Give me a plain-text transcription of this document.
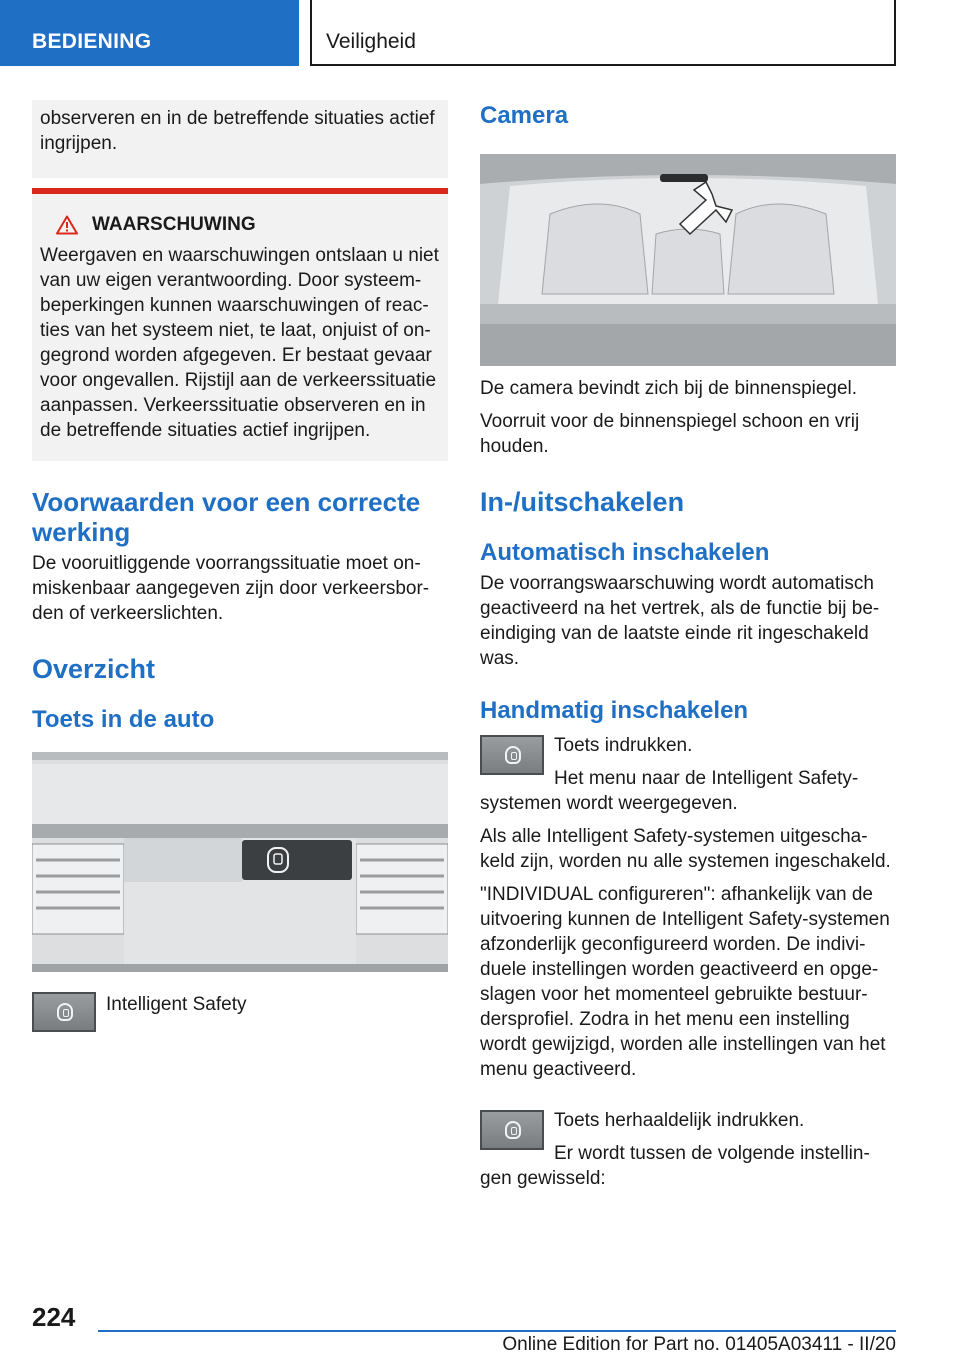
BEDIENING	Veiligheid

observeren en in de betreffende situaties actief ingrijpen.

WAARSCHUWING

Weergaven en waarschuwingen ontslaan u niet van uw eigen verantwoording. Door systeem-beperkingen kunnen waarschuwingen of reac-ties van het systeem niet, te laat, onjuist of on-gegrond worden afgegeven. Er bestaat gevaar voor ongevallen. Rijstijl aan de verkeerssituatie aanpassen. Verkeerssituatie observeren en in de betreffende situaties actief ingrijpen.

Voorwaarden voor een correcte werking

De vooruitliggende voorrangssituatie moet on-miskenbaar aangegeven zijn door verkeersbor-den of verkeerslichten.

Overzicht
Toets in de auto

Intelligent Safety

Camera

De camera bevindt zich bij de binnenspiegel.

Voorruit voor de binnenspiegel schoon en vrij houden.

In-/uitschakelen
Automatisch inschakelen

De voorrangswaarschuwing wordt automatisch geactiveerd na het vertrek, als de functie bij be-eindiging van de laatste einde rit ingeschakeld was.

Handmatig inschakelen

Toets indrukken.

Het menu naar de Intelligent Safety-systemen wordt weergegeven.

Als alle Intelligent Safety-systemen uitgescha-keld zijn, worden nu alle systemen ingeschakeld.

"INDIVIDUAL configureren": afhankelijk van de uitvoering kunnen de Intelligent Safety-systemen afzonderlijk geconfigureerd worden. De indivi-duele instellingen worden geactiveerd en opge-slagen voor het momenteel gebruikte bestuur-dersprofiel. Zodra in het menu een instelling wordt gewijzigd, worden alle instellingen van het menu geactiveerd.

Toets herhaaldelijk indrukken.

Er wordt tussen de volgende instellin-gen gewisseld:

224
Online Edition for Part no. 01405A03411 - II/20
